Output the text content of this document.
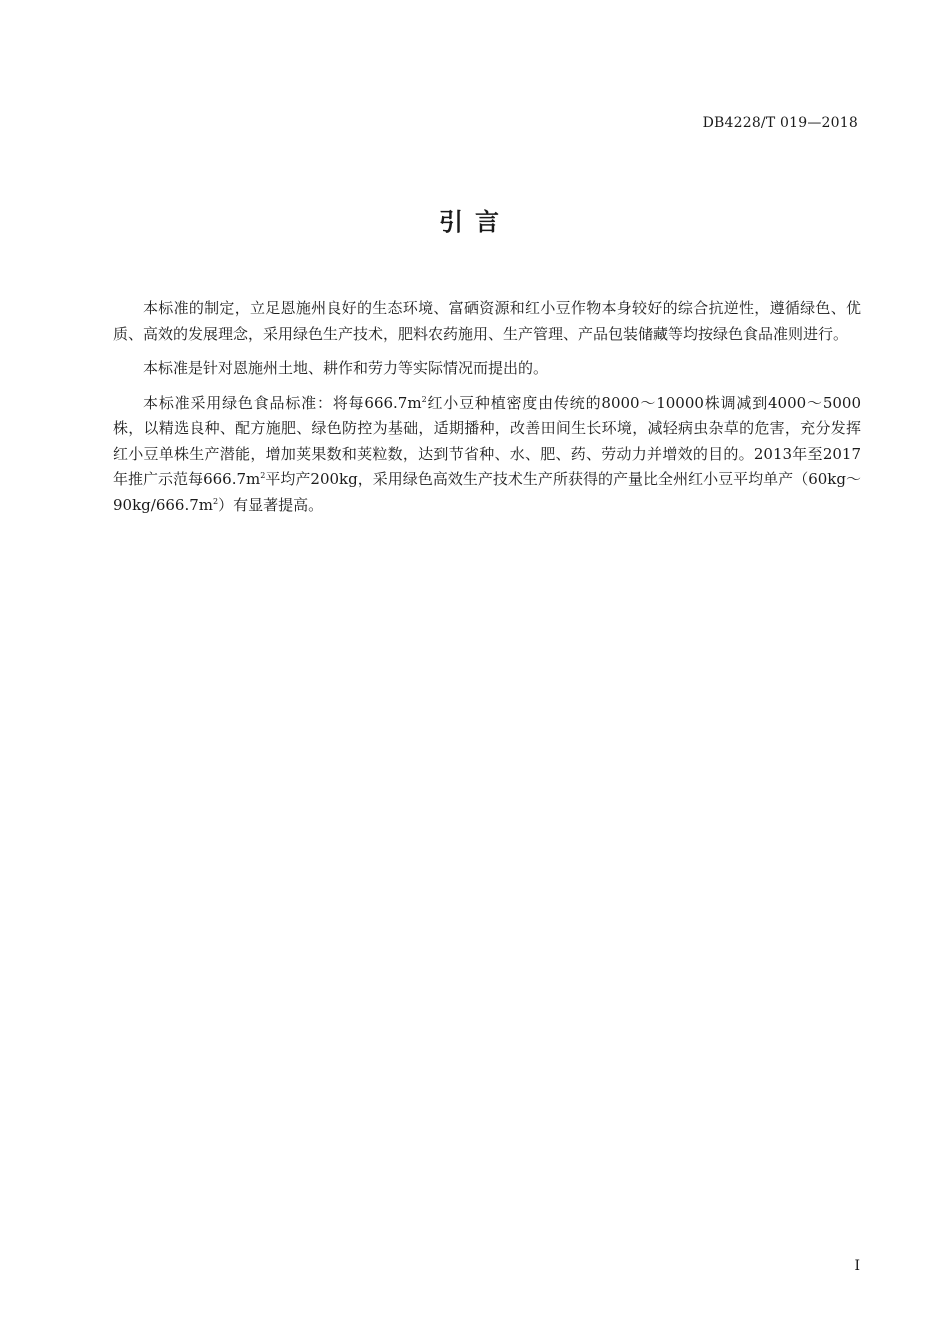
DB4228/T 019—2018
引言

本标准的制定，立足恩施州良好的生态环境、富硒资源和红小豆作物本身较好的综合抗逆性，遵循绿色、优质、高效的发展理念，采用绿色生产技术，肥料农药施用、生产管理、产品包装储藏等均按绿色食品准则进行。

本标准是针对恩施州土地、耕作和劳力等实际情况而提出的。

本标准采用绿色食品标准：将每$666.7m^2$红小豆种植密度由传统的8000～10000株调减到4000～5000株，以精选良种、配方施肥、绿色防控为基础，适期播种，改善田间生长环境，减轻病虫杂草的危害，充分发挥红小豆单株生产潜能，增加荚果数和荚粒数，达到节省种、水、肥、药、劳动力并增效的目的。2013年至2017年推广示范每$666.7m^2$平均产200kg，采用绿色高效生产技术生产所获得的产量比全州红小豆平均单产$(60kg\sim 90kg/666.7m^2)$有显著提高。

I
